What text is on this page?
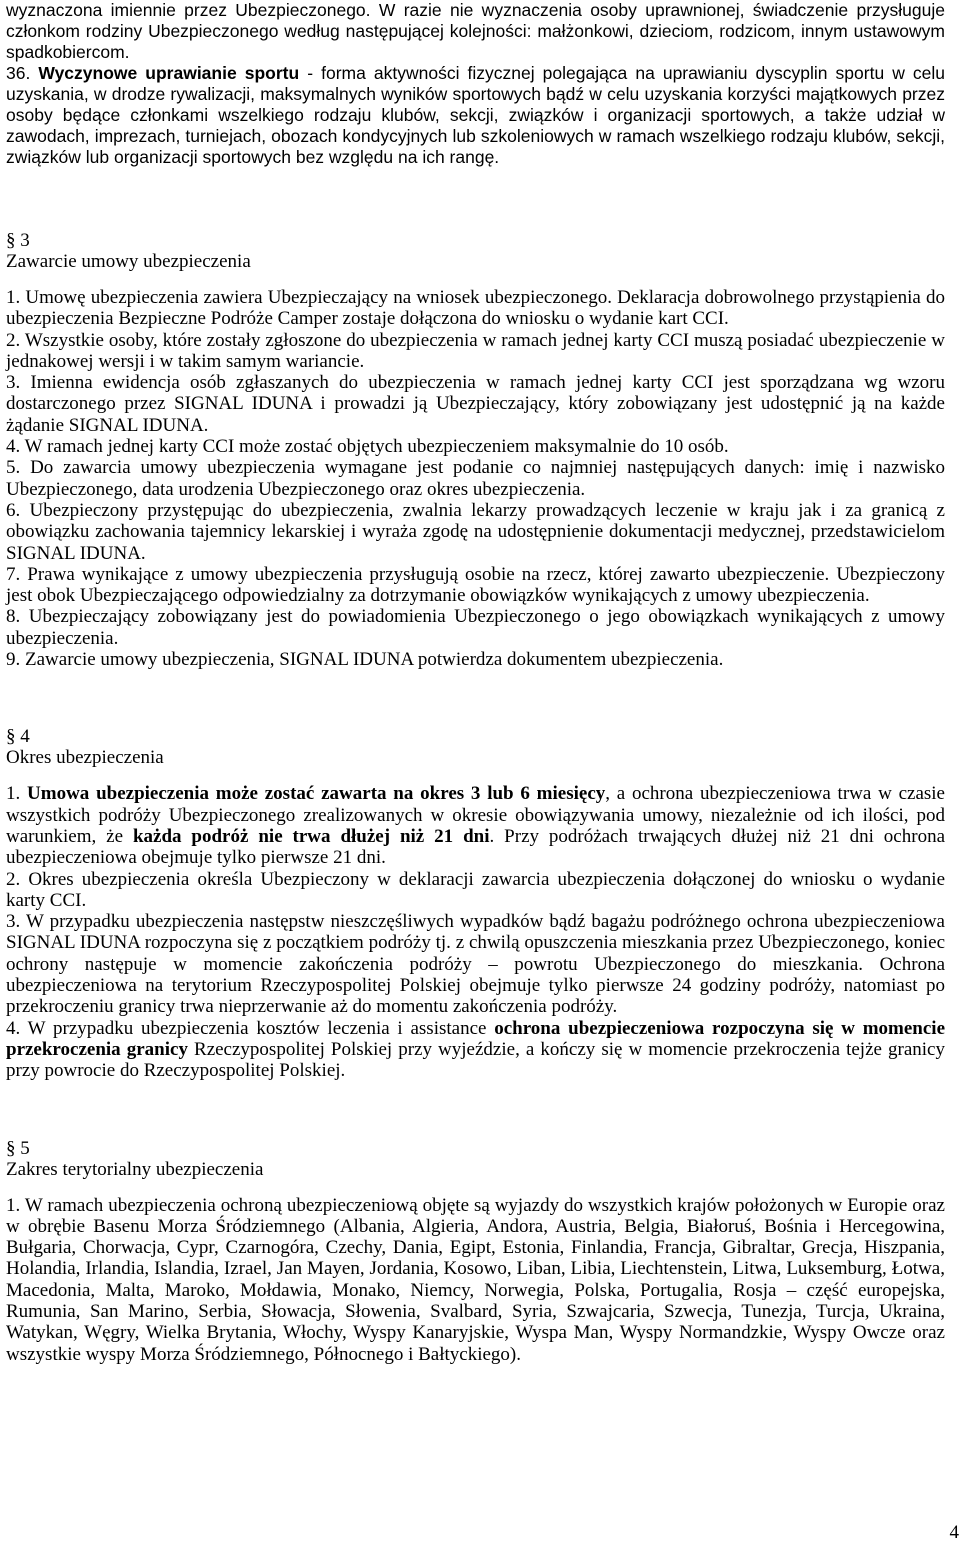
wyznaczona imiennie przez Ubezpieczonego. W razie nie wyznaczenia osoby uprawnionej, świadczenie przysługuje członkom rodziny Ubezpieczonego według następującej kolejności: małżonkowi, dzieciom, rodzicom, innym ustawowym spadkobiercom.

36. Wyczynowe uprawianie sportu - forma aktywności fizycznej polegająca na uprawianiu dyscyplin sportu w celu uzyskania, w drodze rywalizacji, maksymalnych wyników sportowych bądź w celu uzyskania korzyści majątkowych przez osoby będące członkami wszelkiego rodzaju klubów, sekcji, związków i organizacji sportowych, a także udział w zawodach, imprezach, turniejach, obozach kondycyjnych lub szkoleniowych w ramach wszelkiego rodzaju klubów, sekcji, związków lub organizacji sportowych bez względu na ich rangę.

§ 3
Zawarcie umowy ubezpieczenia

1. Umowę ubezpieczenia zawiera Ubezpieczający na wniosek ubezpieczonego. Deklaracja dobrowolnego przystąpienia do ubezpieczenia Bezpieczne Podróże Camper zostaje dołączona do wniosku o wydanie kart CCI.

2. Wszystkie osoby, które zostały zgłoszone do ubezpieczenia w ramach jednej karty CCI muszą posiadać ubezpieczenie w jednakowej wersji i w takim samym wariancie.

3. Imienna ewidencja osób zgłaszanych do ubezpieczenia w ramach jednej karty CCI jest sporządzana wg wzoru dostarczonego przez SIGNAL IDUNA i prowadzi ją Ubezpieczający, który zobowiązany jest udostępnić ją na każde żądanie SIGNAL IDUNA.

4. W ramach jednej karty CCI może zostać objętych ubezpieczeniem maksymalnie do 10 osób.

5. Do zawarcia umowy ubezpieczenia wymagane jest podanie co najmniej następujących danych: imię i nazwisko Ubezpieczonego, data urodzenia Ubezpieczonego oraz okres ubezpieczenia.

6. Ubezpieczony przystępując do ubezpieczenia, zwalnia lekarzy prowadzących leczenie w kraju jak i za granicą z obowiązku zachowania tajemnicy lekarskiej i wyraża zgodę na udostępnienie dokumentacji medycznej, przedstawicielom SIGNAL IDUNA.

7. Prawa wynikające z umowy ubezpieczenia przysługują osobie na rzecz, której zawarto ubezpieczenie. Ubezpieczony jest obok Ubezpieczającego odpowiedzialny za dotrzymanie obowiązków wynikających z umowy ubezpieczenia.

8. Ubezpieczający zobowiązany jest do powiadomienia Ubezpieczonego o jego obowiązkach wynikających z umowy ubezpieczenia.

9. Zawarcie umowy ubezpieczenia, SIGNAL IDUNA potwierdza dokumentem ubezpieczenia.

§ 4
Okres ubezpieczenia

1. Umowa ubezpieczenia może zostać zawarta na okres 3 lub 6 miesięcy, a ochrona ubezpieczeniowa trwa w czasie wszystkich podróży Ubezpieczonego zrealizowanych w okresie obowiązywania umowy, niezależnie od ich ilości, pod warunkiem, że każda podróż nie trwa dłużej niż 21 dni. Przy podróżach trwających dłużej niż 21 dni ochrona ubezpieczeniowa obejmuje tylko pierwsze 21 dni.

2. Okres ubezpieczenia określa Ubezpieczony w deklaracji zawarcia ubezpieczenia dołączonej do wniosku o wydanie karty CCI.

3. W przypadku ubezpieczenia następstw nieszczęśliwych wypadków bądź bagażu podróżnego ochrona ubezpieczeniowa SIGNAL IDUNA rozpoczyna się z początkiem podróży tj. z chwilą opuszczenia mieszkania przez Ubezpieczonego, koniec ochrony następuje w momencie zakończenia podróży – powrotu Ubezpieczonego do mieszkania. Ochrona ubezpieczeniowa na terytorium Rzeczypospolitej Polskiej obejmuje tylko pierwsze 24 godziny podróży, natomiast po przekroczeniu granicy trwa nieprzerwanie aż do momentu zakończenia podróży.

4. W przypadku ubezpieczenia kosztów leczenia i assistance ochrona ubezpieczeniowa rozpoczyna się w momencie przekroczenia granicy Rzeczypospolitej Polskiej przy wyjeździe, a kończy się w momencie przekroczenia tejże granicy przy powrocie do Rzeczypospolitej Polskiej.

§ 5
Zakres terytorialny ubezpieczenia

1. W ramach ubezpieczenia ochroną ubezpieczeniową objęte są wyjazdy do wszystkich krajów położonych w Europie oraz w obrębie Basenu Morza Śródziemnego (Albania, Algieria, Andora, Austria, Belgia, Białoruś, Bośnia i Hercegowina, Bułgaria, Chorwacja, Cypr, Czarnogóra, Czechy, Dania, Egipt, Estonia, Finlandia, Francja, Gibraltar, Grecja, Hiszpania, Holandia, Irlandia, Islandia, Izrael, Jan Mayen, Jordania, Kosowo, Liban, Libia, Liechtenstein, Litwa, Luksemburg, Łotwa, Macedonia, Malta, Maroko, Mołdawia, Monako, Niemcy, Norwegia, Polska, Portugalia, Rosja – część europejska, Rumunia, San Marino, Serbia, Słowacja, Słowenia, Svalbard, Syria, Szwajcaria, Szwecja, Tunezja, Turcja, Ukraina, Watykan, Węgry, Wielka Brytania, Włochy, Wyspy Kanaryjskie, Wyspa Man, Wyspy Normandzkie, Wyspy Owcze oraz wszystkie wyspy Morza Śródziemnego, Północnego i Bałtyckiego).

4
